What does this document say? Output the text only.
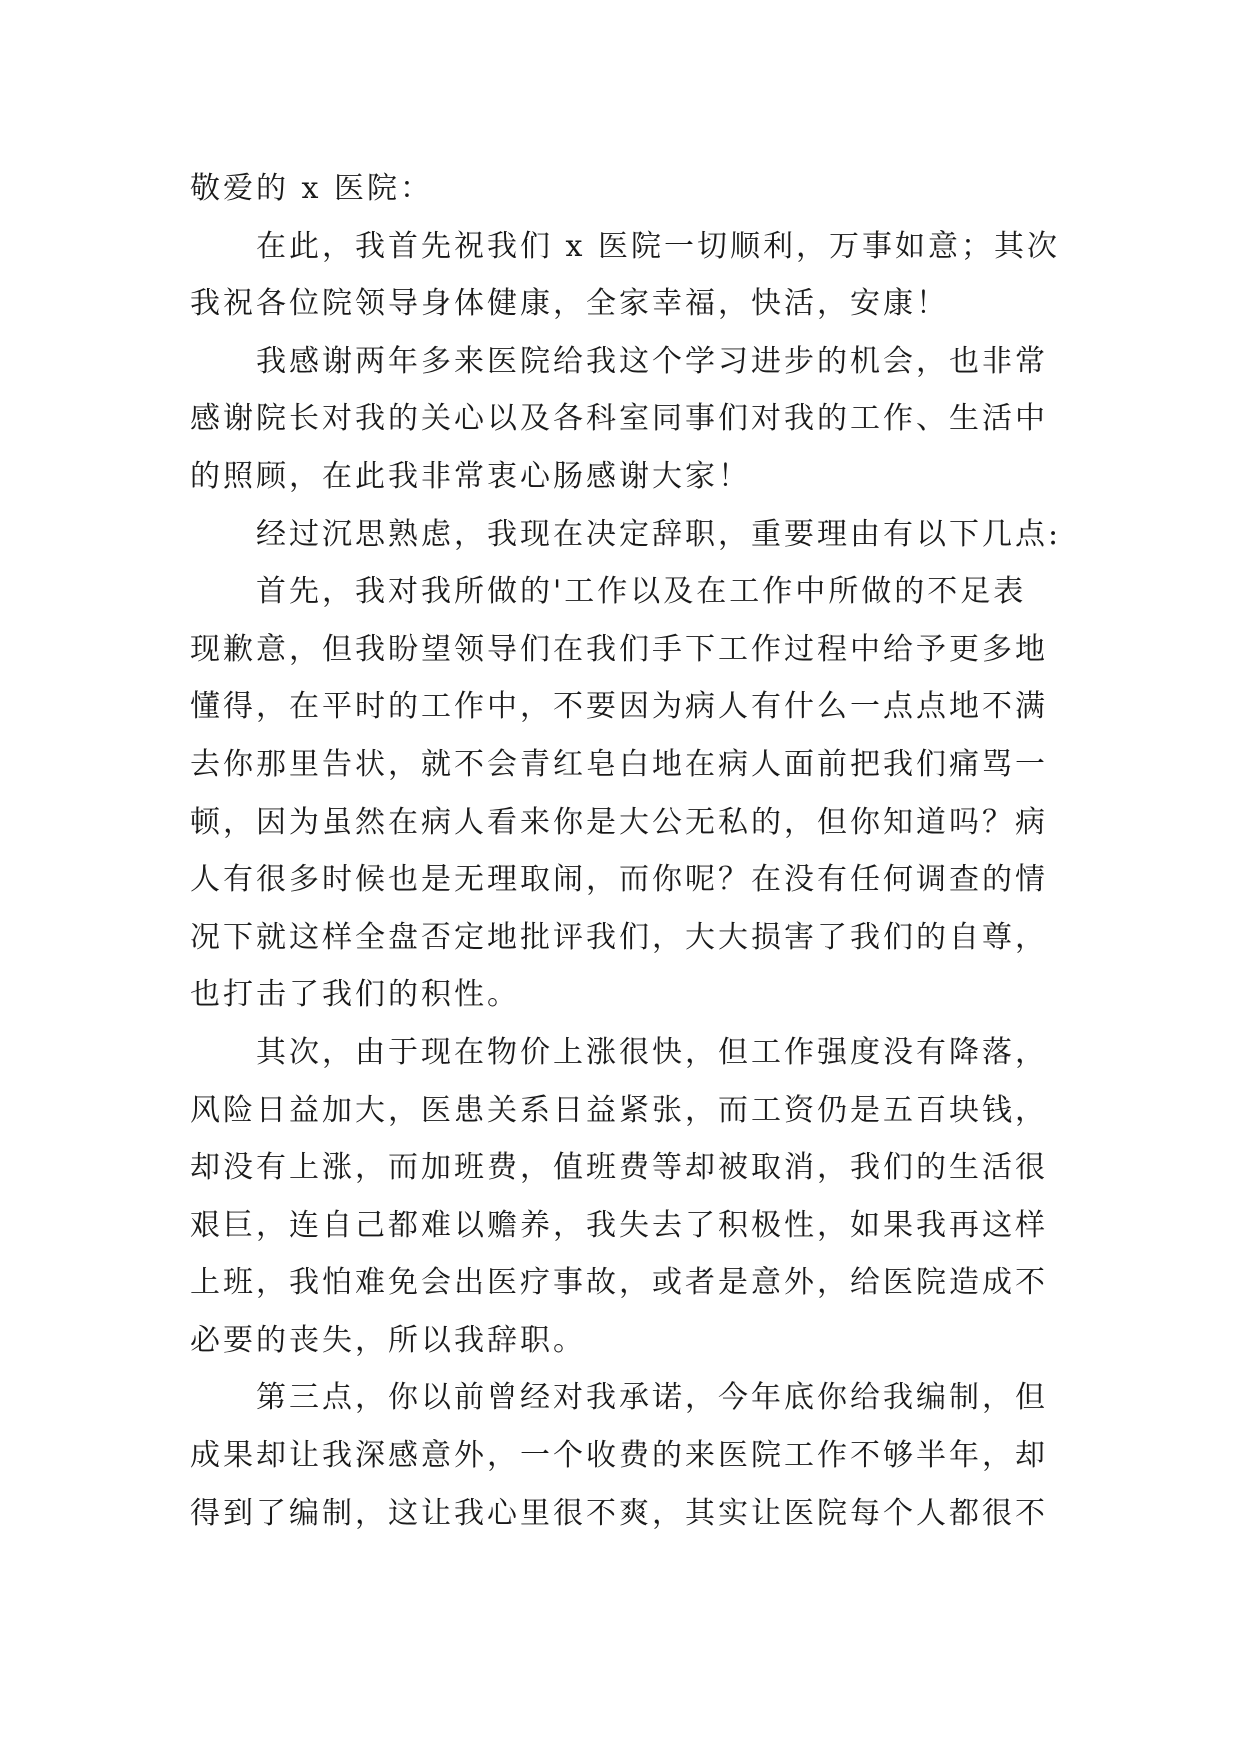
敬爱的 x 医院：
在此，我首先祝我们 x 医院一切顺利，万事如意；其次
我祝各位院领导身体健康，全家幸福，快活，安康！
我感谢两年多来医院给我这个学习进步的机会，也非常
感谢院长对我的关心以及各科室同事们对我的工作、生活中
的照顾，在此我非常衷心肠感谢大家！
经过沉思熟虑，我现在决定辞职，重要理由有以下几点:
首先，我对我所做的'工作以及在工作中所做的不足表
现歉意，但我盼望领导们在我们手下工作过程中给予更多地
懂得，在平时的工作中，不要因为病人有什么一点点地不满
去你那里告状，就不会青红皂白地在病人面前把我们痛骂一
顿，因为虽然在病人看来你是大公无私的，但你知道吗？病
人有很多时候也是无理取闹，而你呢？在没有任何调查的情
况下就这样全盘否定地批评我们，大大损害了我们的自尊，
也打击了我们的积性。
其次，由于现在物价上涨很快，但工作强度没有降落，
风险日益加大，医患关系日益紧张，而工资仍是五百块钱，
却没有上涨，而加班费，值班费等却被取消，我们的生活很
艰巨，连自己都难以赡养，我失去了积极性，如果我再这样
上班，我怕难免会出医疗事故，或者是意外，给医院造成不
必要的丧失，所以我辞职。
第三点，你以前曾经对我承诺，今年底你给我编制，但
成果却让我深感意外，一个收费的来医院工作不够半年，却
得到了编制，这让我心里很不爽，其实让医院每个人都很不
